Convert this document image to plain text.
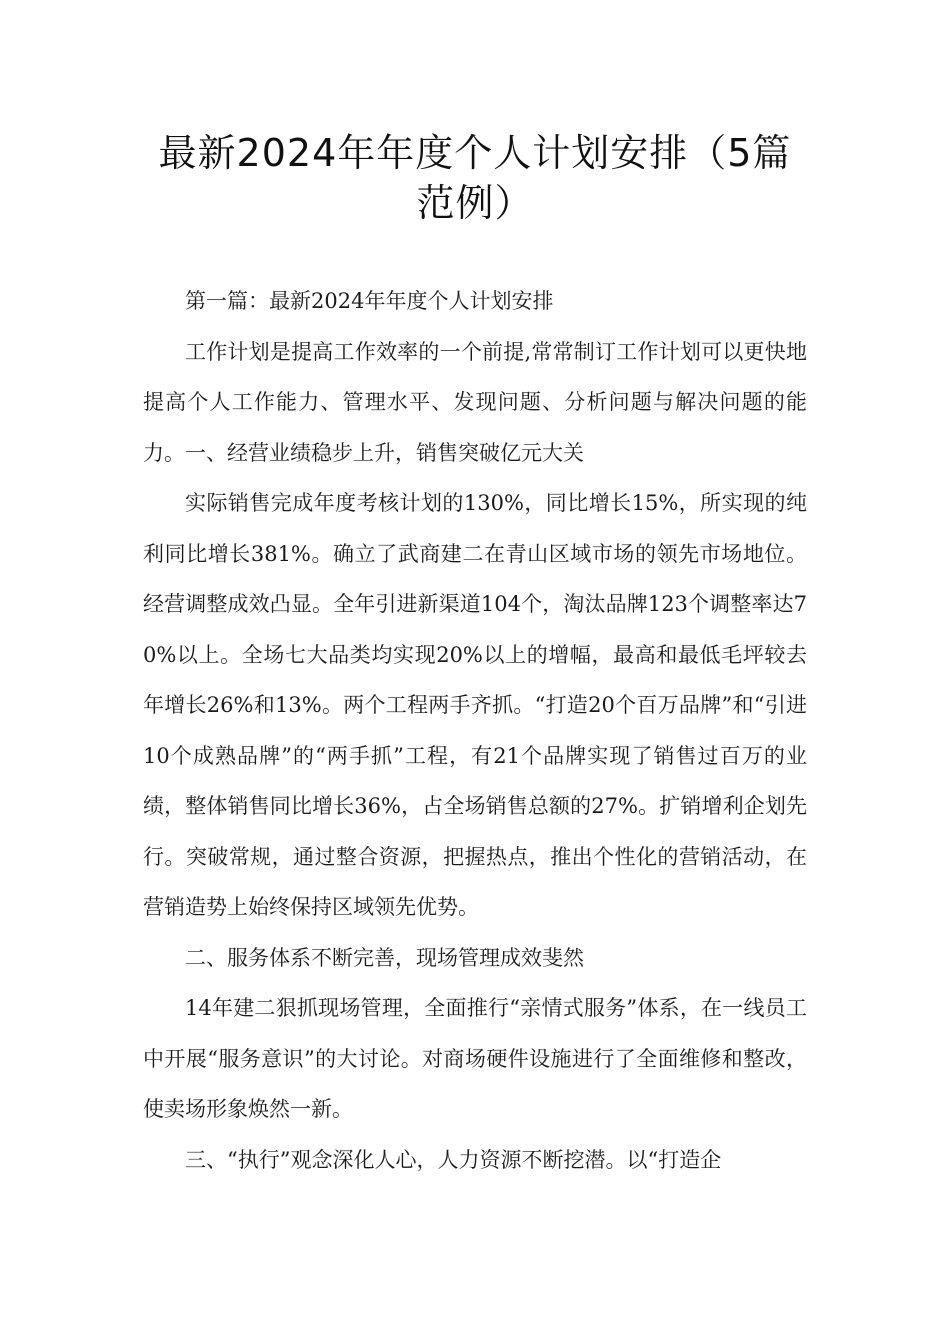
最新2024年年度个人计划安排（5篇范例）

第一篇：最新2024年年度个人计划安排

工作计划是提高工作效率的一个前提,常常制订工作计划可以更快地提高个人工作能力、管理水平、发现问题、分析问题与解决问题的能力。一、经营业绩稳步上升，销售突破亿元大关

实际销售完成年度考核计划的130%，同比增长15%，所实现的纯利同比增长381%。确立了武商建二在青山区域市场的领先市场地位。经营调整成效凸显。全年引进新渠道104个，淘汰品牌123个调整率达70%以上。全场七大品类均实现20%以上的增幅，最高和最低毛坪较去年增长26%和13%。两个工程两手齐抓。“打造20个百万品牌”和“引进10个成熟品牌”的“两手抓”工程，有21个品牌实现了销售过百万的业绩，整体销售同比增长36%，占全场销售总额的27%。扩销增利企划先行。突破常规，通过整合资源，把握热点，推出个性化的营销活动，在营销造势上始终保持区域领先优势。

二、服务体系不断完善，现场管理成效斐然

14年建二狠抓现场管理，全面推行“亲情式服务”体系，在一线员工中开展“服务意识”的大讨论。对商场硬件设施进行了全面维修和整改，使卖场形象焕然一新。

三、“执行”观念深化人心，人力资源不断挖潜。以“打造企
